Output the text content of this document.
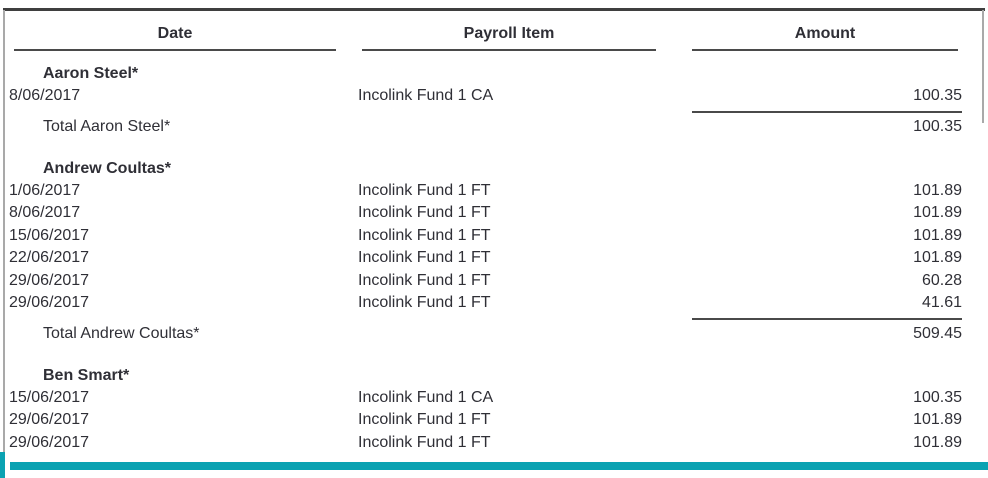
Date	Payroll Item	Amount
Aaron Steel*
8/06/2017	Incolink Fund 1 CA	100.35
Total Aaron Steel*	100.35
Andrew Coultas*
1/06/2017	Incolink Fund 1 FT	101.89
8/06/2017	Incolink Fund 1 FT	101.89
15/06/2017	Incolink Fund 1 FT	101.89
22/06/2017	Incolink Fund 1 FT	101.89
29/06/2017	Incolink Fund 1 FT	60.28
29/06/2017	Incolink Fund 1 FT	41.61
Total Andrew Coultas*	509.45
Ben Smart*
15/06/2017	Incolink Fund 1 CA	100.35
29/06/2017	Incolink Fund 1 FT	101.89
29/06/2017	Incolink Fund 1 FT	101.89
